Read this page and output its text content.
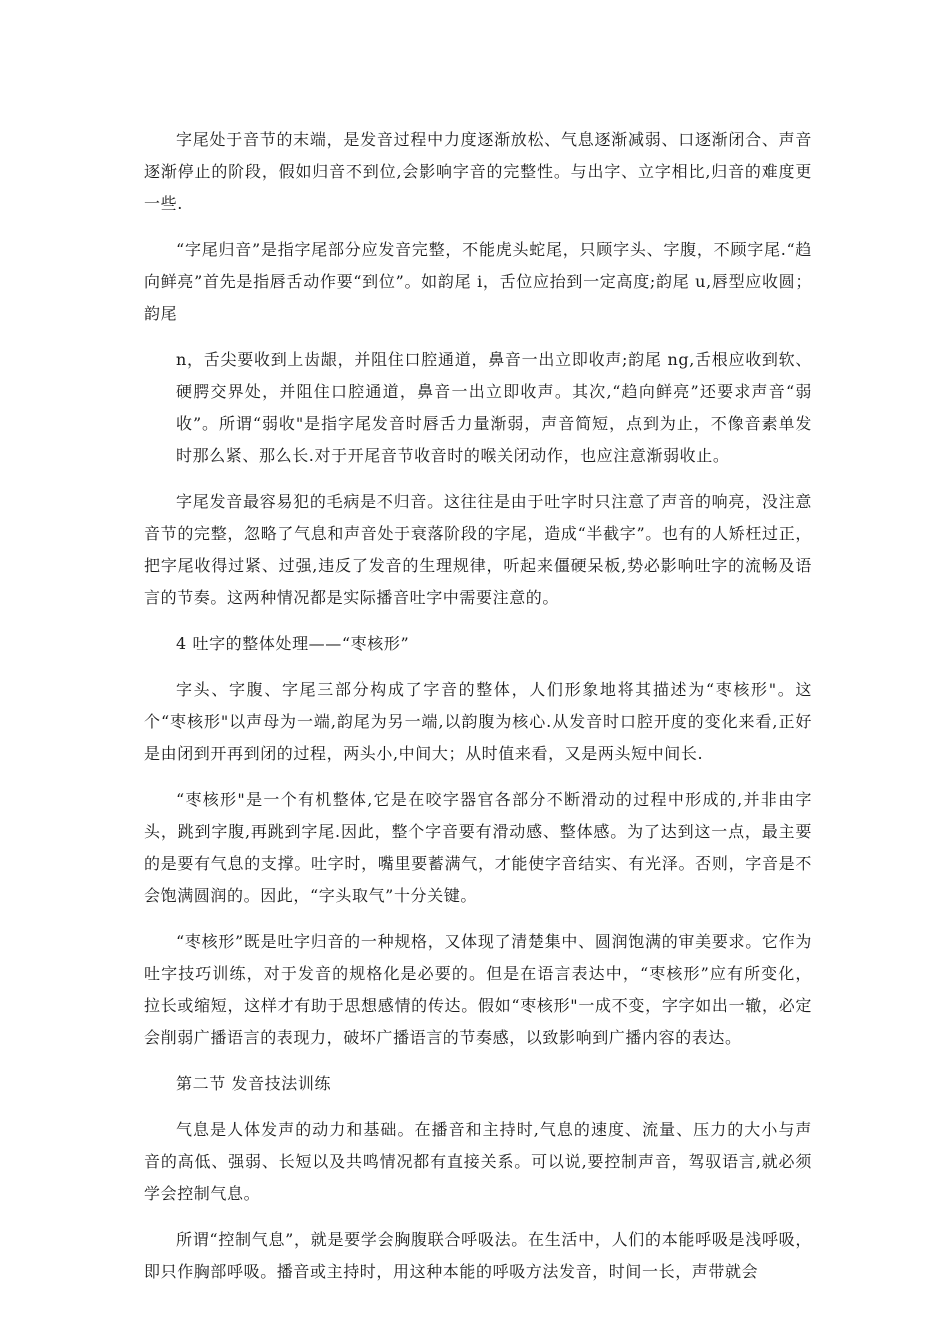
字尾处于音节的末端，是发音过程中力度逐渐放松、气息逐渐减弱、口逐渐闭合、声音逐渐停止的阶段，假如归音不到位,会影响字音的完整性。与出字、立字相比,归音的难度更一些.

“字尾归音”是指字尾部分应发音完整，不能虎头蛇尾，只顾字头、字腹，不顾字尾.“趋向鲜亮”首先是指唇舌动作要“到位”。如韵尾 i，舌位应抬到一定高度;韵尾 u,唇型应收圆；韵尾

n，舌尖要收到上齿龈，并阻住口腔通道，鼻音一出立即收声;韵尾 ng,舌根应收到软、硬腭交界处，并阻住口腔通道，鼻音一出立即收声。其次,“趋向鲜亮”还要求声音“弱收”。所谓“弱收"是指字尾发音时唇舌力量渐弱，声音简短，点到为止，不像音素单发时那么紧、那么长.对于开尾音节收音时的喉关闭动作，也应注意渐弱收止。

字尾发音最容易犯的毛病是不归音。这往往是由于吐字时只注意了声音的响亮，没注意音节的完整，忽略了气息和声音处于衰落阶段的字尾，造成“半截字”。也有的人矫枉过正，把字尾收得过紧、过强,违反了发音的生理规律，听起来僵硬呆板,势必影响吐字的流畅及语言的节奏。这两种情况都是实际播音吐字中需要注意的。

4 吐字的整体处理——“枣核形”

字头、字腹、字尾三部分构成了字音的整体，人们形象地将其描述为“枣核形"。这个“枣核形"以声母为一端,韵尾为另一端,以韵腹为核心.从发音时口腔开度的变化来看,正好是由闭到开再到闭的过程，两头小,中间大；从时值来看，又是两头短中间长.

“枣核形"是一个有机整体,它是在咬字器官各部分不断滑动的过程中形成的,并非由字头，跳到字腹,再跳到字尾.因此，整个字音要有滑动感、整体感。为了达到这一点，最主要的是要有气息的支撑。吐字时，嘴里要蓄满气，才能使字音结实、有光泽。否则，字音是不会饱满圆润的。因此，“字头取气”十分关键。

“枣核形”既是吐字归音的一种规格，又体现了清楚集中、圆润饱满的审美要求。它作为吐字技巧训练，对于发音的规格化是必要的。但是在语言表达中，“枣核形”应有所变化， 拉长或缩短，这样才有助于思想感情的传达。假如“枣核形"一成不变，字字如出一辙，必定会削弱广播语言的表现力，破坏广播语言的节奏感，以致影响到广播内容的表达。

第二节 发音技法训练

气息是人体发声的动力和基础。在播音和主持时,气息的速度、流量、压力的大小与声音的高低、强弱、长短以及共鸣情况都有直接关系。可以说,要控制声音，驾驭语言,就必须学会控制气息。

所谓“控制气息”，就是要学会胸腹联合呼吸法。在生活中，人们的本能呼吸是浅呼吸，即只作胸部呼吸。播音或主持时，用这种本能的呼吸方法发音，时间一长，声带就会
